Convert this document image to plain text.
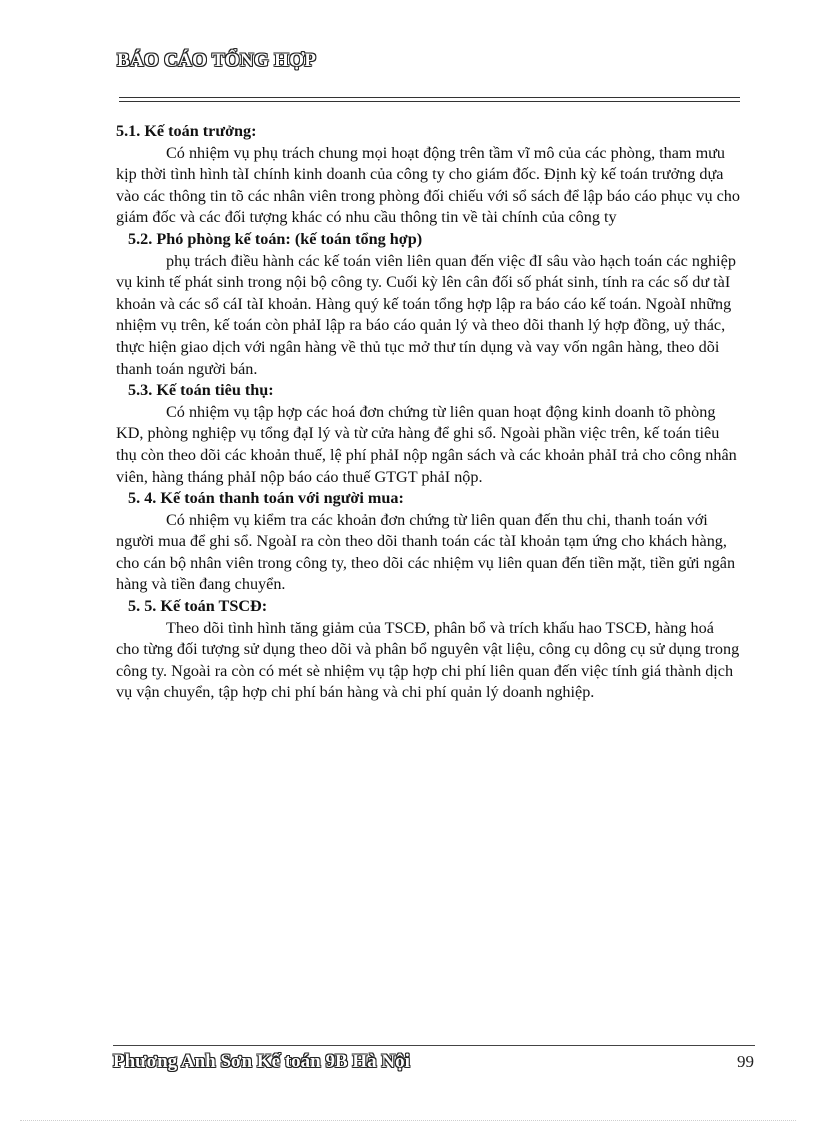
BÁO CÁO TỔNG HỢP

5.1. Kế toán trưởng:

Có nhiệm vụ phụ trách chung mọi hoạt động trên tầm vĩ mô của các phòng, tham mưu kịp thời tình hình tàI chính kinh doanh của công ty cho giám đốc. Định kỳ kế toán trưởng dựa vào các thông tin tõ các nhân viên trong phòng đối chiếu với sổ sách để lập báo cáo phục vụ cho giám đốc và các đối tượng khác có nhu cầu thông tin về tài chính của công ty

5.2. Phó phòng kế toán: (kế toán tổng hợp)

phụ trách điều hành các kế toán viên liên quan đến việc đI sâu vào hạch toán các nghiệp vụ kinh tế phát sinh trong nội bộ công ty. Cuối kỳ lên cân đối số phát sinh, tính ra các số dư tàI khoản và các sổ cáI tàI khoản. Hàng quý kế toán tổng hợp lập ra báo cáo kế toán. NgoàI những nhiệm vụ trên, kế toán còn phảI lập ra báo cáo quản lý và theo dõi thanh lý hợp đồng, uỷ thác, thực hiện giao dịch với ngân hàng về thủ tục mở thư tín dụng và vay vốn ngân hàng, theo dõi thanh toán người bán.

5.3. Kế toán tiêu thụ:

Có nhiệm vụ tập hợp các hoá đơn chứng từ liên quan hoạt động kinh doanh tõ phòng KD, phòng nghiệp vụ tổng đạI lý và từ cửa hàng để ghi sổ. Ngoài phần việc trên, kế toán tiêu thụ còn theo dõi các khoản thuế, lệ phí phảI nộp ngân sách và các khoản phảI trả cho công nhân viên, hàng tháng phảI nộp báo cáo thuế GTGT phảI nộp.

5. 4. Kế toán thanh toán với người mua:

Có nhiệm vụ kiểm tra các khoản đơn chứng từ liên quan đến thu chi, thanh toán với người mua để ghi sổ. NgoàI ra còn theo dõi thanh toán các tàI khoản tạm ứng cho khách hàng, cho cán bộ nhân viên trong công ty, theo dõi các nhiệm vụ liên quan đến tiền mặt, tiền gửi ngân hàng và tiền đang chuyển.

5. 5. Kế toán TSCĐ:

Theo dõi tình hình tăng giảm của TSCĐ, phân bổ và trích khấu hao TSCĐ, hàng hoá cho từng đối tượng sử dụng theo dõi và phân bổ nguyên vật liệu, công cụ dông cụ sử dụng trong công ty. Ngoài ra còn có mét sè nhiệm vụ tập hợp chi phí liên quan đến việc tính giá thành dịch vụ vận chuyển, tập hợp chi phí bán hàng và chi phí quản lý doanh nghiệp.

Phương Anh Sơn Kế toán 9B Hà Nội	99
